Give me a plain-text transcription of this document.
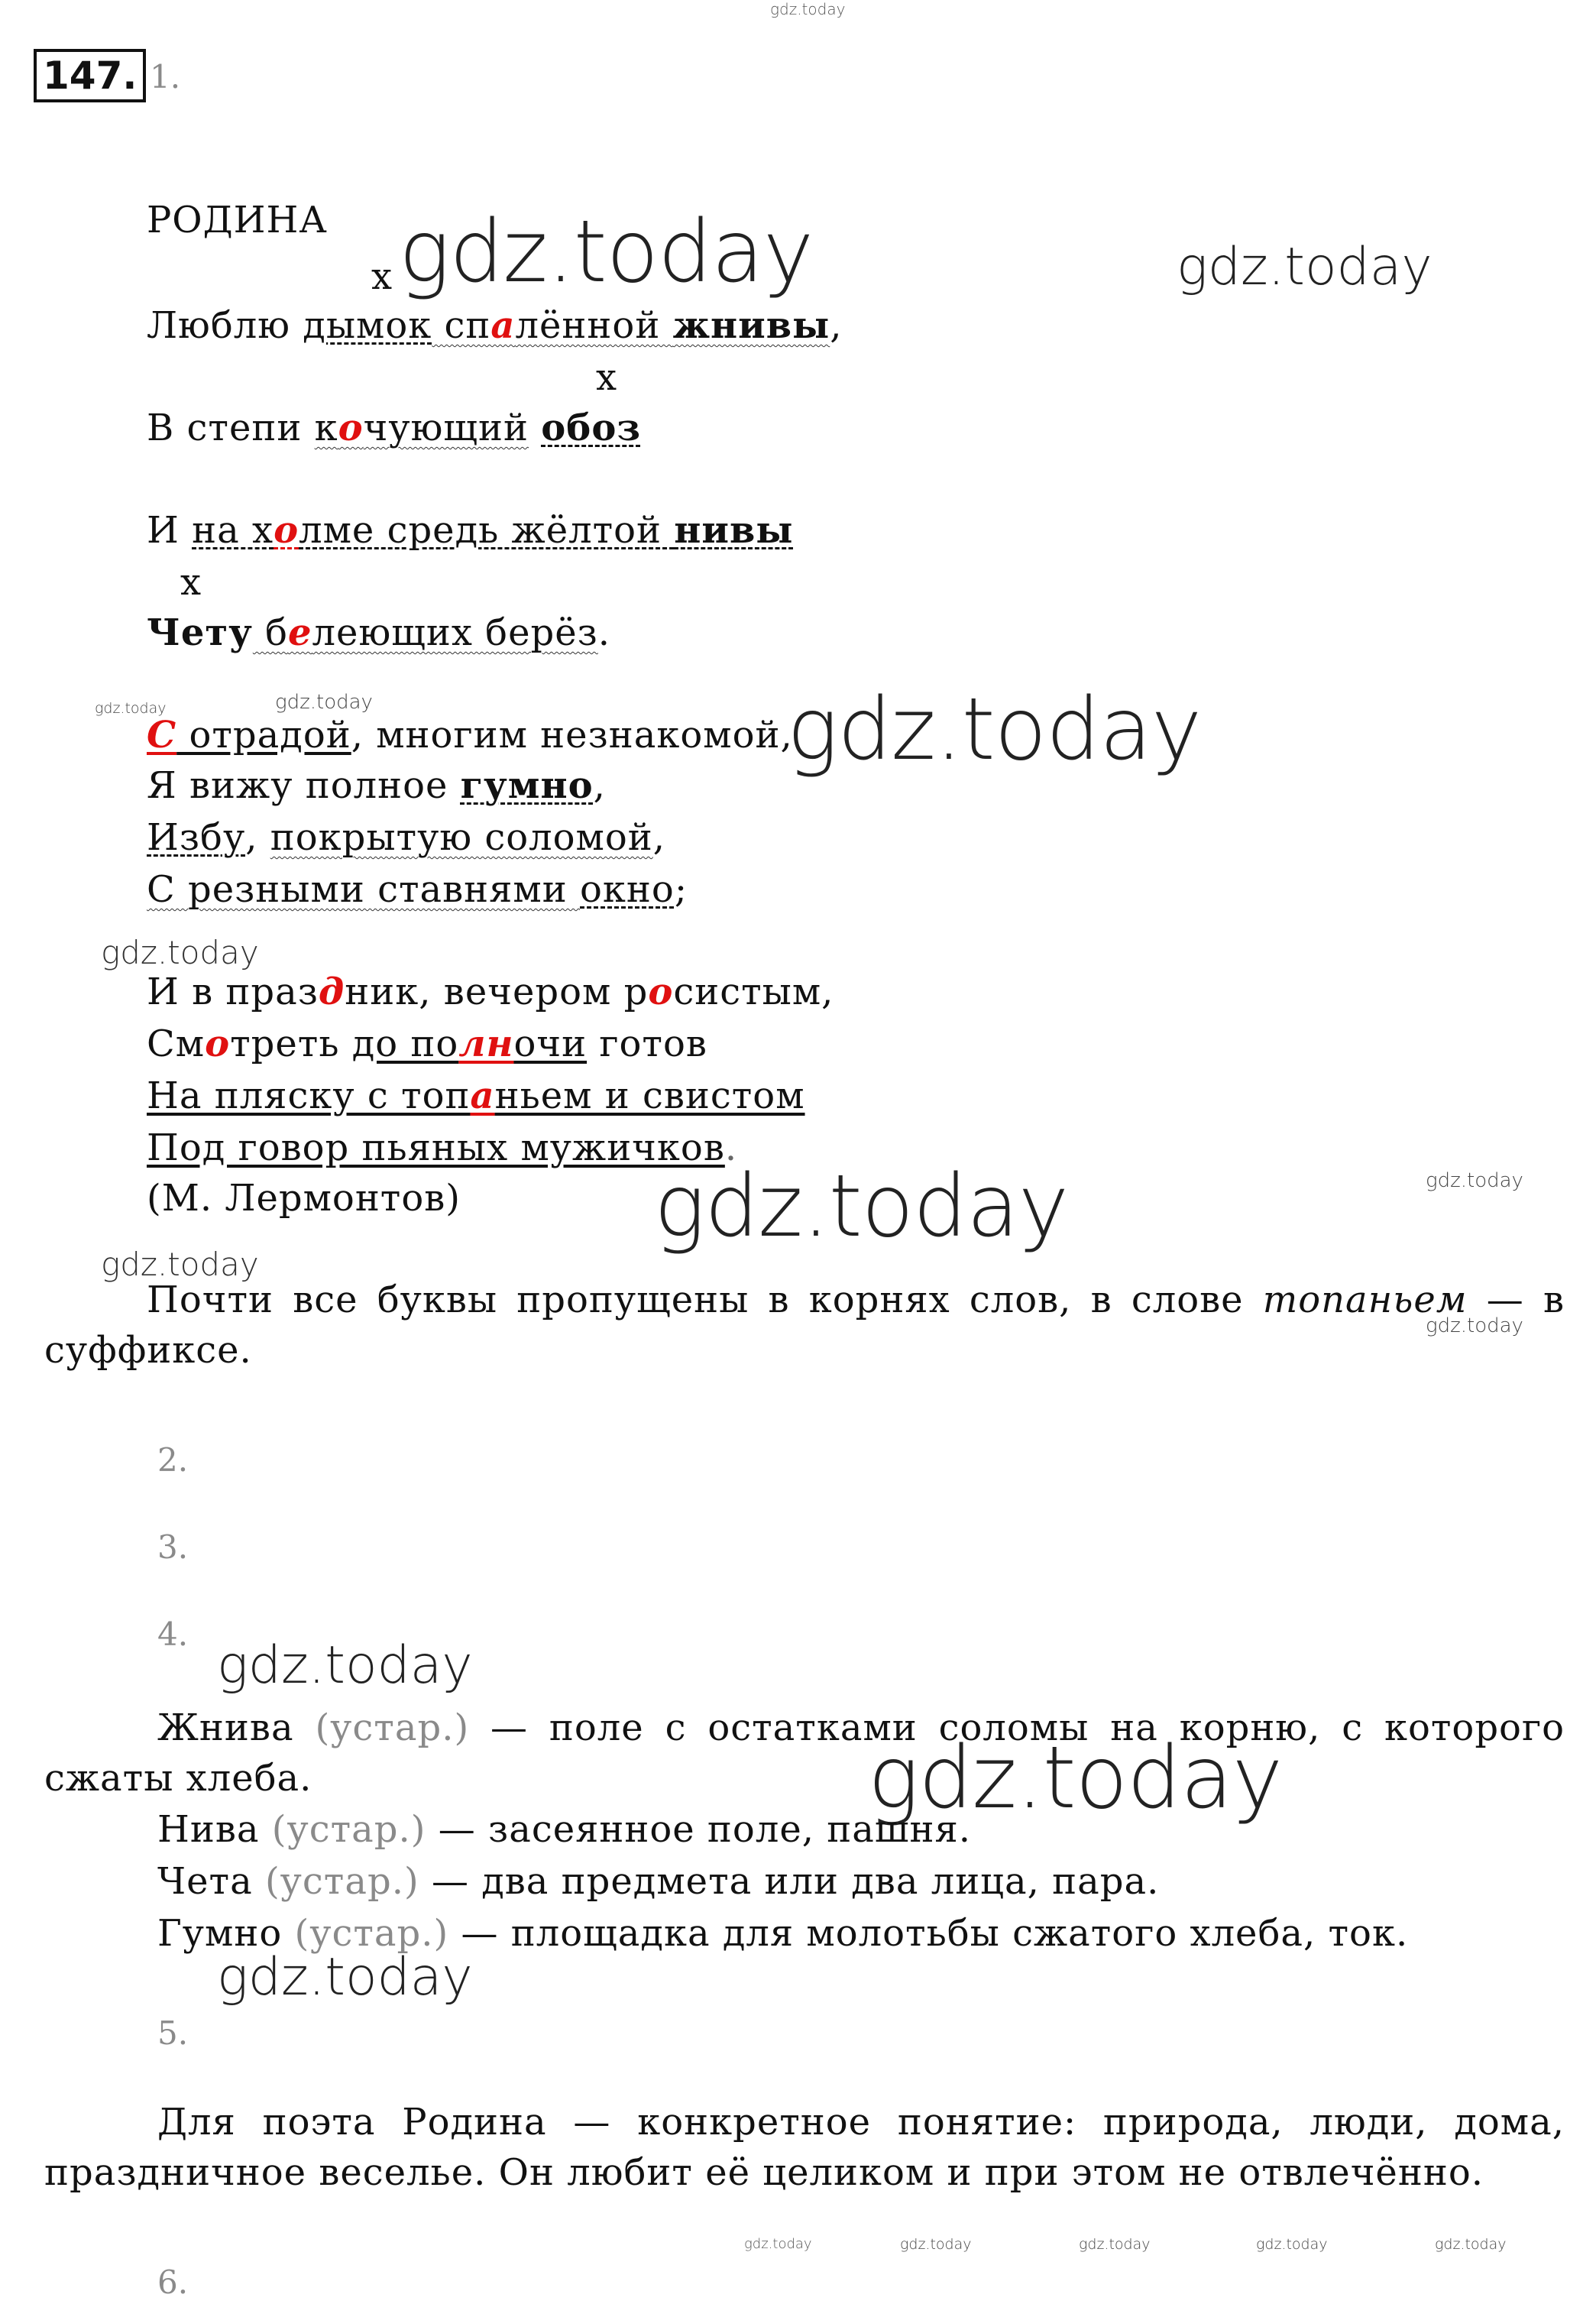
gdz.today
147. 1.
РОДИНА
х gdz.today	gdz.today
Люблю дымок спалённой жнивы,
х
В степи кочующий обоз
И на холме средь жёлтой нивы
х
Чету белеющих берёз.
gdz.today	gdz.today
С отрадой, многим незнакомой,
gdz.today
Я вижу полное гумно,
Избу, покрытую соломой,
С резными ставнями окно;
gdz.today
И в праздник, вечером росистым,
Смотреть до полночи готов
На пляску с топаньем и свистом
Под говор пьяных мужичков.
(М. Лермонтов) gdz.today	gdz.today
gdz.today
Почти все буквы пропущены в корнях слов, в слове топаньем — в суффиксе.
gdz.today
2.
3.
4.
gdz.today
Жнива (устар.) — поле с остатками соломы на корню, с которого сжаты хлеба.	gdz.today
Нива (устар.) — засеянное поле, пашня.
Чета (устар.) — два предмета или два лица, пара.
Гумно (устар.) — площадка для молотьбы сжатого хлеба, ток.
gdz.today
5.
Для поэта Родина — конкретное понятие: природа, люди, дома, праздничное веселье. Он любит её целиком и при этом не отвлечённо.
gdz.today	gdz.today	gdz.today	gdz.today	gdz.today
6.
